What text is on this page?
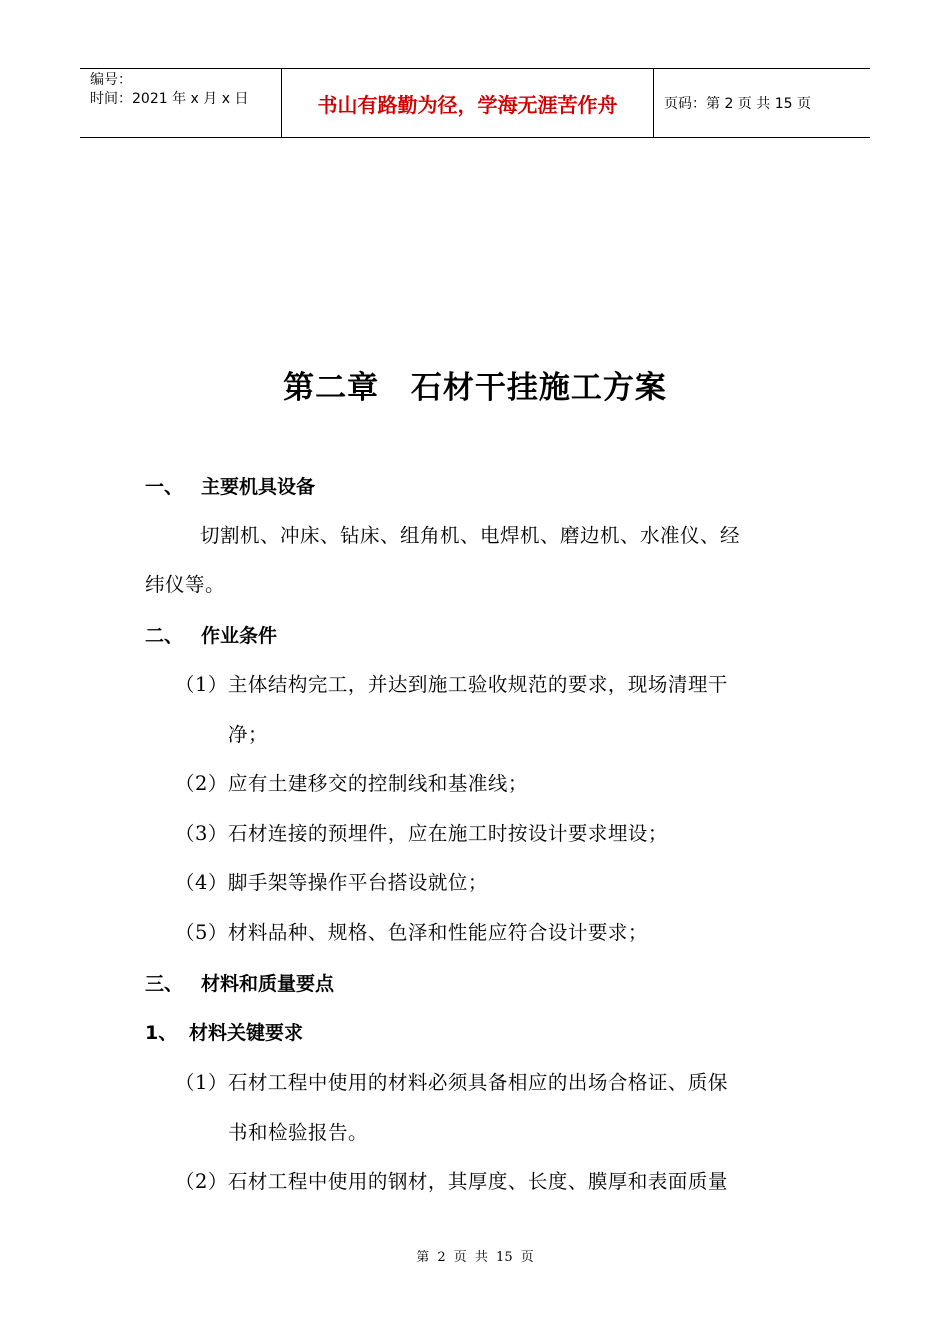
编号：
时间：2021 年 x 月 x 日	书山有路勤为径，学海无涯苦作舟	页码：第 2 页 共 15 页
第二章 石材干挂施工方案
一、 主要机具设备
切割机、冲床、钻床、组角机、电焊机、磨边机、水准仪、经
纬仪等。
二、 作业条件
（1）主体结构完工，并达到施工验收规范的要求，现场清理干
净；
（2）应有土建移交的控制线和基准线；
（3）石材连接的预埋件，应在施工时按设计要求埋设；
（4）脚手架等操作平台搭设就位；
（5）材料品种、规格、色泽和性能应符合设计要求；
三、 材料和质量要点
1、 材料关键要求
（1）石材工程中使用的材料必须具备相应的出场合格证、质保
书和检验报告。
（2）石材工程中使用的钢材，其厚度、长度、膜厚和表面质量
第 2 页 共 15 页
